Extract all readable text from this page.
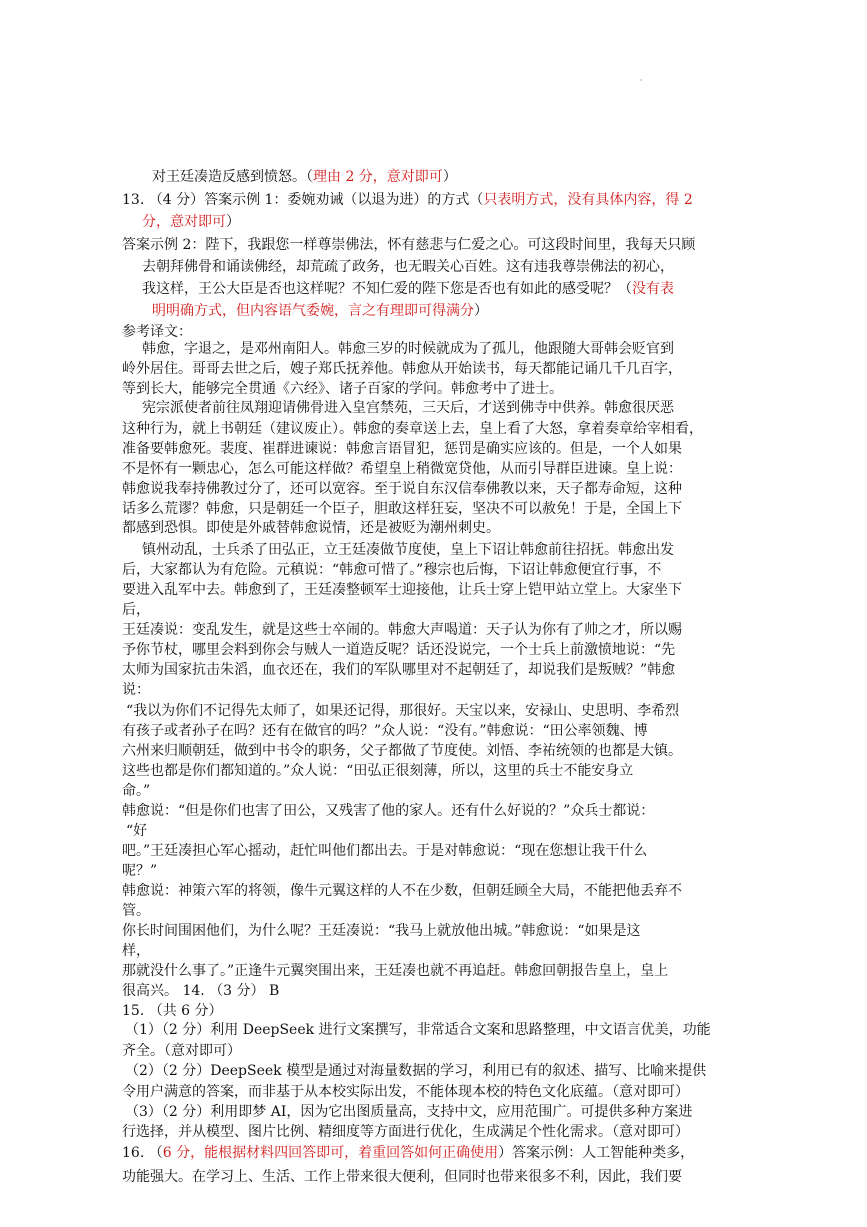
对王廷凑造反感到愤怒。（理由 2 分，意对即可）
13. （4 分）答案示例 1：委婉劝诫（以退为进）的方式（只表明方式，没有具体内容，得 2
分，意对即可）
答案示例 2：陛下，我跟您一样尊崇佛法，怀有慈悲与仁爱之心。可这段时间里，我每天只顾
去朝拜佛骨和诵读佛经，却荒疏了政务，也无暇关心百姓。这有违我尊崇佛法的初心，
我这样，王公大臣是否也这样呢？不知仁爱的陛下您是否也有如此的感受呢？（没有表
明明确方式，但内容语气委婉，言之有理即可得满分）
参考译文：
韩愈，字退之，是邓州南阳人。韩愈三岁的时候就成为了孤儿，他跟随大哥韩会贬官到
岭外居住。哥哥去世之后，嫂子郑氏抚养他。韩愈从开始读书，每天都能记诵几千几百字，
等到长大，能够完全贯通《六经》、诸子百家的学问。韩愈考中了进士。
宪宗派使者前往凤翔迎请佛骨进入皇宫禁苑，三天后，才送到佛寺中供养。韩愈很厌恶
这种行为，就上书朝廷（建议废止）。韩愈的奏章送上去，皇上看了大怒，拿着奏章给宰相看，
准备要韩愈死。裴度、崔群进谏说：韩愈言语冒犯，惩罚是确实应该的。但是，一个人如果
不是怀有一颗忠心，怎么可能这样做？希望皇上稍微宽贷他，从而引导群臣进谏。皇上说：
韩愈说我奉持佛教过分了，还可以宽容。至于说自东汉信奉佛教以来，天子都寿命短，这种
话多么荒谬？韩愈，只是朝廷一个臣子，胆敢这样狂妄，坚决不可以赦免！于是，全国上下
都感到恐惧。即使是外戚替韩愈说情，还是被贬为潮州刺史。
镇州动乱，士兵杀了田弘正，立王廷凑做节度使，皇上下诏让韩愈前往招抚。韩愈出发
后，大家都认为有危险。元稹说：“韩愈可惜了。”穆宗也后悔，下诏让韩愈便宜行事，不
要进入乱军中去。韩愈到了，王廷凑整顿军士迎接他，让兵士穿上铠甲站立堂上。大家坐下
后，
王廷凑说：变乱发生，就是这些士卒闹的。韩愈大声喝道：天子认为你有了帅之才，所以赐
予你节杖，哪里会料到你会与贼人一道造反呢？话还没说完，一个士兵上前激愤地说：“先
太师为国家抗击朱滔，血衣还在，我们的军队哪里对不起朝廷了，却说我们是叛贼？”韩愈
说：
“我以为你们不记得先太师了，如果还记得，那很好。天宝以来，安禄山、史思明、李希烈
有孩子或者孙子在吗？还有在做官的吗？”众人说：“没有。”韩愈说：“田公率领魏、博
六州来归顺朝廷，做到中书令的职务，父子都做了节度使。刘悟、李祐统领的也都是大镇。
这些也都是你们都知道的。”众人说：“田弘正很刻薄，所以，这里的兵士不能安身立
命。”
韩愈说：“但是你们也害了田公，又残害了他的家人。还有什么好说的？”众兵士都说：
“好
吧。”王廷凑担心军心摇动，赶忙叫他们都出去。于是对韩愈说：“现在您想让我干什么
呢？”
韩愈说：神策六军的将领，像牛元翼这样的人不在少数，但朝廷顾全大局，不能把他丢弃不
管。
你长时间围困他们，为什么呢？王廷凑说：“我马上就放他出城。”韩愈说：“如果是这
样，
那就没什么事了。”正逢牛元翼突围出来，王廷凑也就不再追赶。韩愈回朝报告皇上，皇上
很高兴。 14. （3 分） B
15. （共 6 分）
（1）（2 分）利用 DeepSeek 进行文案撰写，非常适合文案和思路整理，中文语言优美，功能
齐全。（意对即可）
（2）（2 分）DeepSeek 模型是通过对海量数据的学习，利用已有的叙述、描写、比喻来提供
令用户满意的答案，而非基于从本校实际出发，不能体现本校的特色文化底蕴。（意对即可）
（3）（2 分）利用即梦 AI，因为它出图质量高，支持中文，应用范围广。可提供多种方案进
行选择，并从模型、图片比例、精细度等方面进行优化，生成满足个性化需求。（意对即可）
16. （6 分，能根据材料四回答即可，着重回答如何正确使用）答案示例：人工智能种类多，
功能强大。在学习上、生活、工作上带来很大便利，但同时也带来很多不利，因此，我们要
